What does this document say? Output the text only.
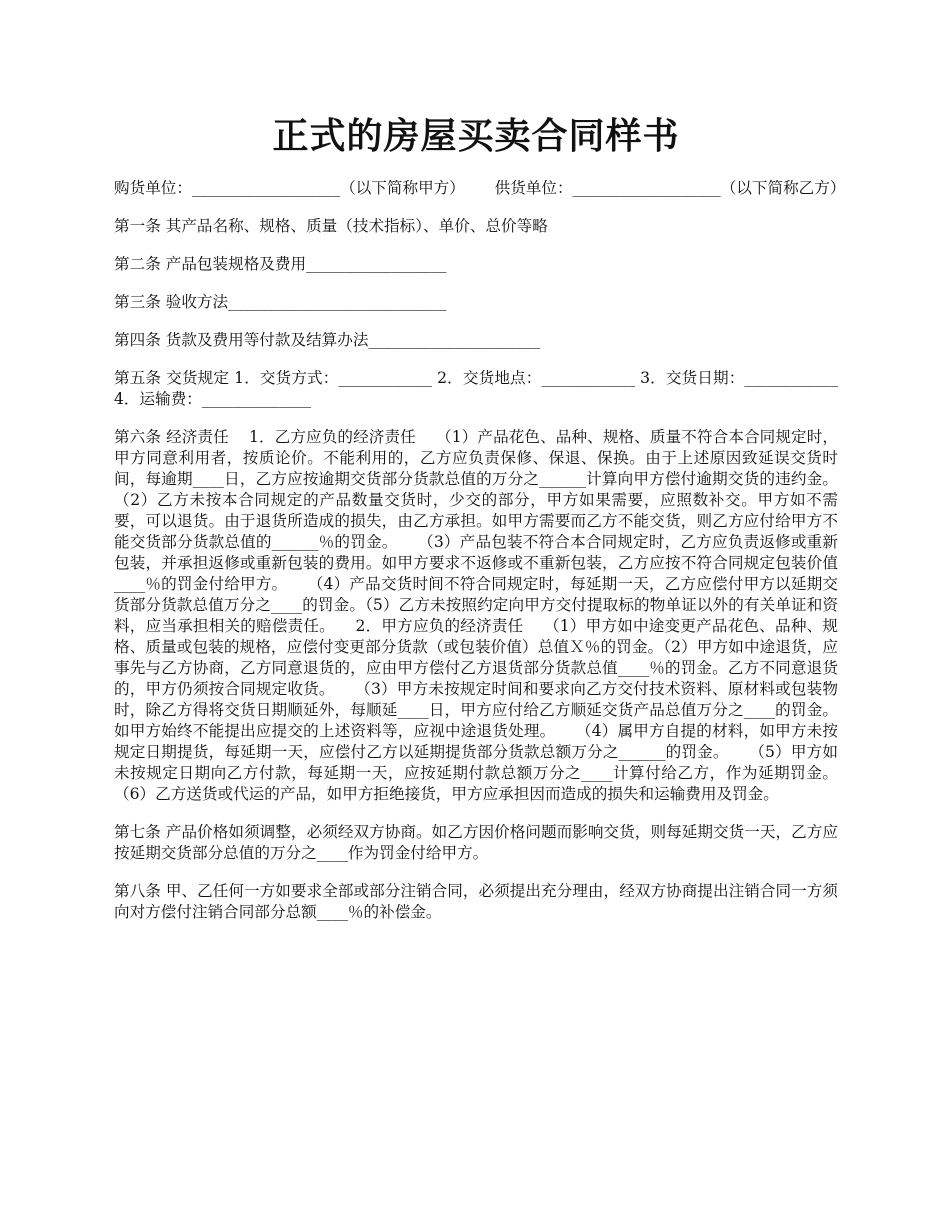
正式的房屋买卖合同样书

购货单位：___________________（以下简称甲方）      供货单位：___________________（以下简称乙方）

第一条 其产品名称、规格、质量（技术指标）、单价、总价等略

第二条 产品包装规格及费用__________________

第三条 验收方法____________________________

第四条 货款及费用等付款及结算办法______________________

第五条 交货规定 1．交货方式：____________ 2．交货地点：____________ 3．交货日期：____________ 4．运输费：______________

第六条 经济责任    1．乙方应负的经济责任    （1）产品花色、品种、规格、质量不符合本合同规定时，甲方同意利用者，按质论价。不能利用的，乙方应负责保修、保退、保换。由于上述原因致延误交货时间，每逾期____日，乙方应按逾期交货部分货款总值的万分之______计算向甲方偿付逾期交货的违约金。    （2）乙方未按本合同规定的产品数量交货时，少交的部分，甲方如果需要，应照数补交。甲方如不需要，可以退货。由于退货所造成的损失，由乙方承担。如甲方需要而乙方不能交货，则乙方应付给甲方不能交货部分货款总值的______％的罚金。    （3）产品包装不符合本合同规定时，乙方应负责返修或重新包装，并承担返修或重新包装的费用。如甲方要求不返修或不重新包装，乙方应按不符合同规定包装价值____％的罚金付给甲方。    （4）产品交货时间不符合同规定时，每延期一天，乙方应偿付甲方以延期交货部分货款总值万分之____的罚金。（5）乙方未按照约定向甲方交付提取标的物单证以外的有关单证和资料，应当承担相关的赔偿责任。    2．甲方应负的经济责任    （1）甲方如中途变更产品花色、品种、规格、质量或包装的规格，应偿付变更部分货款（或包装价值）总值Ｘ％的罚金。（2）甲方如中途退货，应事先与乙方协商，乙方同意退货的，应由甲方偿付乙方退货部分货款总值____％的罚金。乙方不同意退货的，甲方仍须按合同规定收货。    （3）甲方未按规定时间和要求向乙方交付技术资料、原材料或包装物时，除乙方得将交货日期顺延外，每顺延____日，甲方应付给乙方顺延交货产品总值万分之____的罚金。如甲方始终不能提出应提交的上述资料等，应视中途退货处理。    （4）属甲方自提的材料，如甲方未按规定日期提货，每延期一天，应偿付乙方以延期提货部分货款总额万分之______的罚金。    （5）甲方如未按规定日期向乙方付款，每延期一天，应按延期付款总额万分之____计算付给乙方，作为延期罚金。    （6）乙方送货或代运的产品，如甲方拒绝接货，甲方应承担因而造成的损失和运输费用及罚金。

第七条 产品价格如须调整，必须经双方协商。如乙方因价格问题而影响交货，则每延期交货一天，乙方应按延期交货部分总值的万分之____作为罚金付给甲方。

第八条 甲、乙任何一方如要求全部或部分注销合同，必须提出充分理由，经双方协商提出注销合同一方须向对方偿付注销合同部分总额____％的补偿金。
